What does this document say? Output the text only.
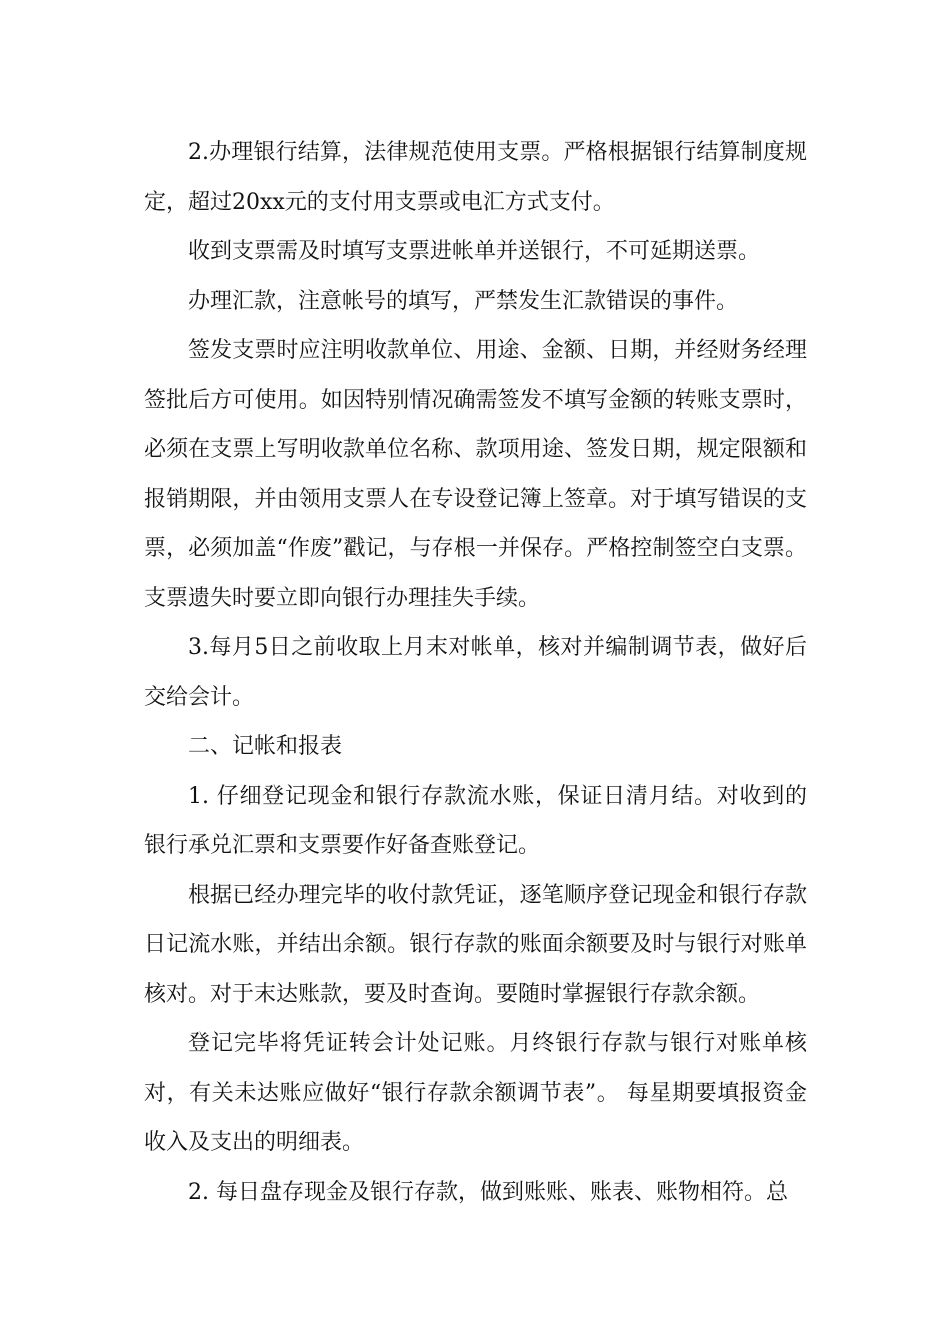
2.办理银行结算，法律规范使用支票。严格根据银行结算制度规定，超过20xx元的支付用支票或电汇方式支付。

收到支票需及时填写支票进帐单并送银行，不可延期送票。

办理汇款，注意帐号的填写，严禁发生汇款错误的事件。

签发支票时应注明收款单位、用途、金额、日期，并经财务经理签批后方可使用。如因特别情况确需签发不填写金额的转账支票时，必须在支票上写明收款单位名称、款项用途、签发日期，规定限额和报销期限，并由领用支票人在专设登记簿上签章。对于填写错误的支票，必须加盖“作废”戳记，与存根一并保存。严格控制签空白支票。支票遗失时要立即向银行办理挂失手续。

3.每月5日之前收取上月末对帐单，核对并编制调节表，做好后交给会计。

二、记帐和报表

1. 仔细登记现金和银行存款流水账，保证日清月结。对收到的银行承兑汇票和支票要作好备查账登记。

根据已经办理完毕的收付款凭证，逐笔顺序登记现金和银行存款日记流水账，并结出余额。银行存款的账面余额要及时与银行对账单核对。对于末达账款，要及时查询。要随时掌握银行存款余额。

登记完毕将凭证转会计处记账。月终银行存款与银行对账单核对，有关未达账应做好“银行存款余额调节表”。 每星期要填报资金收入及支出的明细表。

2. 每日盘存现金及银行存款，做到账账、账表、账物相符。总
